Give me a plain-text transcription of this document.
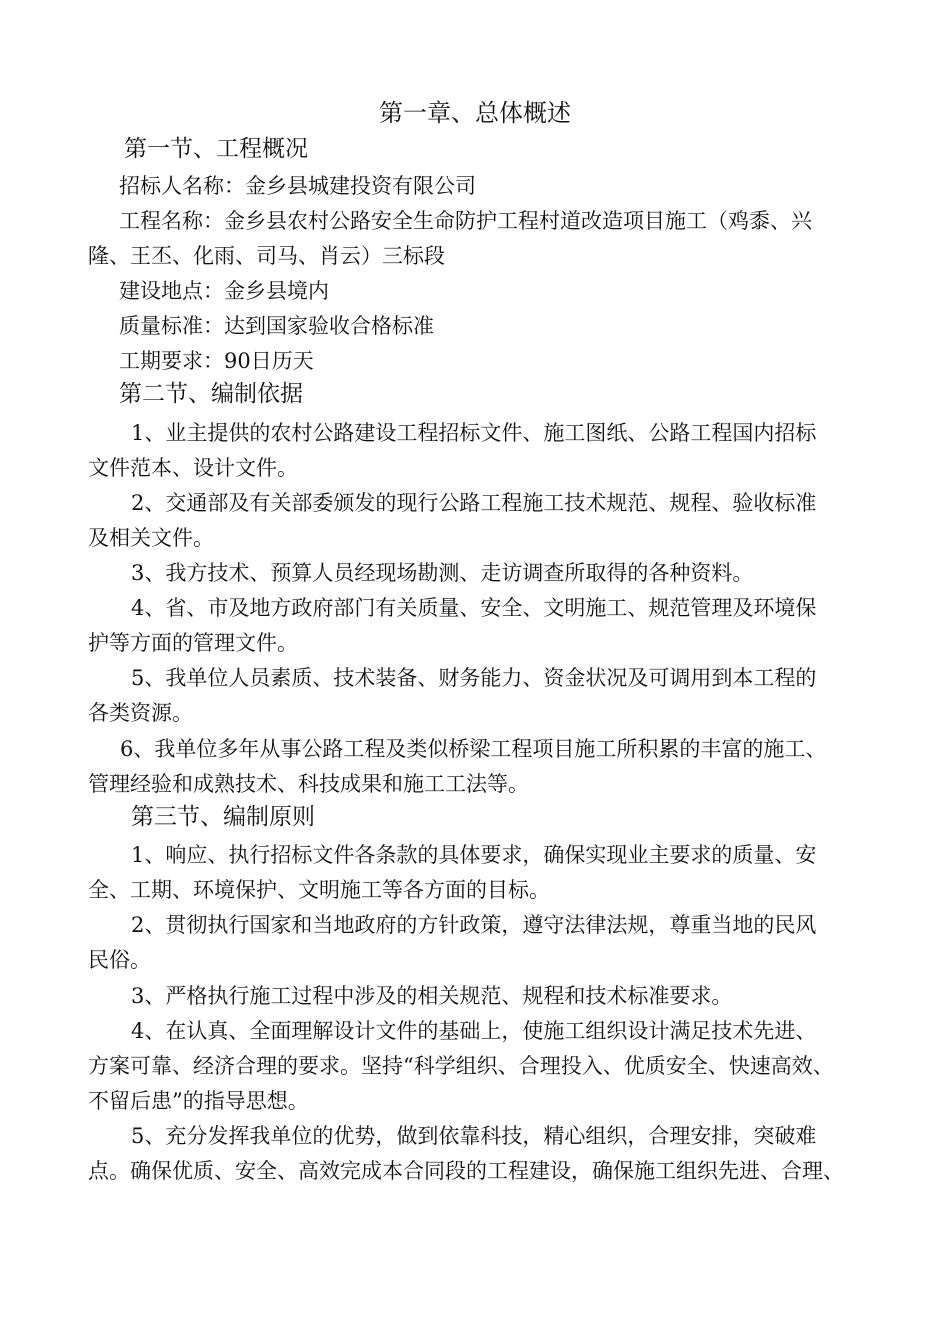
第一章、总体概述
第一节、工程概况
招标人名称：金乡县城建投资有限公司
工程名称：金乡县农村公路安全生命防护工程村道改造项目施工（鸡黍、兴
隆、王丕、化雨、司马、肖云）三标段
建设地点：金乡县境内
质量标准：达到国家验收合格标准
工期要求：90日历天
第二节、编制依据
1、业主提供的农村公路建设工程招标文件、施工图纸、公路工程国内招标
文件范本、设计文件。
2、交通部及有关部委颁发的现行公路工程施工技术规范、规程、验收标准
及相关文件。
3、我方技术、预算人员经现场勘测、走访调查所取得的各种资料。
4、省、市及地方政府部门有关质量、安全、文明施工、规范管理及环境保
护等方面的管理文件。
5、我单位人员素质、技术装备、财务能力、资金状况及可调用到本工程的
各类资源。
6、我单位多年从事公路工程及类似桥梁工程项目施工所积累的丰富的施工、
管理经验和成熟技术、科技成果和施工工法等。
第三节、编制原则
1、响应、执行招标文件各条款的具体要求，确保实现业主要求的质量、安
全、工期、环境保护、文明施工等各方面的目标。
2、贯彻执行国家和当地政府的方针政策，遵守法律法规，尊重当地的民风
民俗。
3、严格执行施工过程中涉及的相关规范、规程和技术标准要求。
4、在认真、全面理解设计文件的基础上，使施工组织设计满足技术先进、
方案可靠、经济合理的要求。坚持“科学组织、合理投入、优质安全、快速高效、
不留后患”的指导思想。
5、充分发挥我单位的优势，做到依靠科技，精心组织，合理安排，突破难
点。确保优质、安全、高效完成本合同段的工程建设，确保施工组织先进、合理、
